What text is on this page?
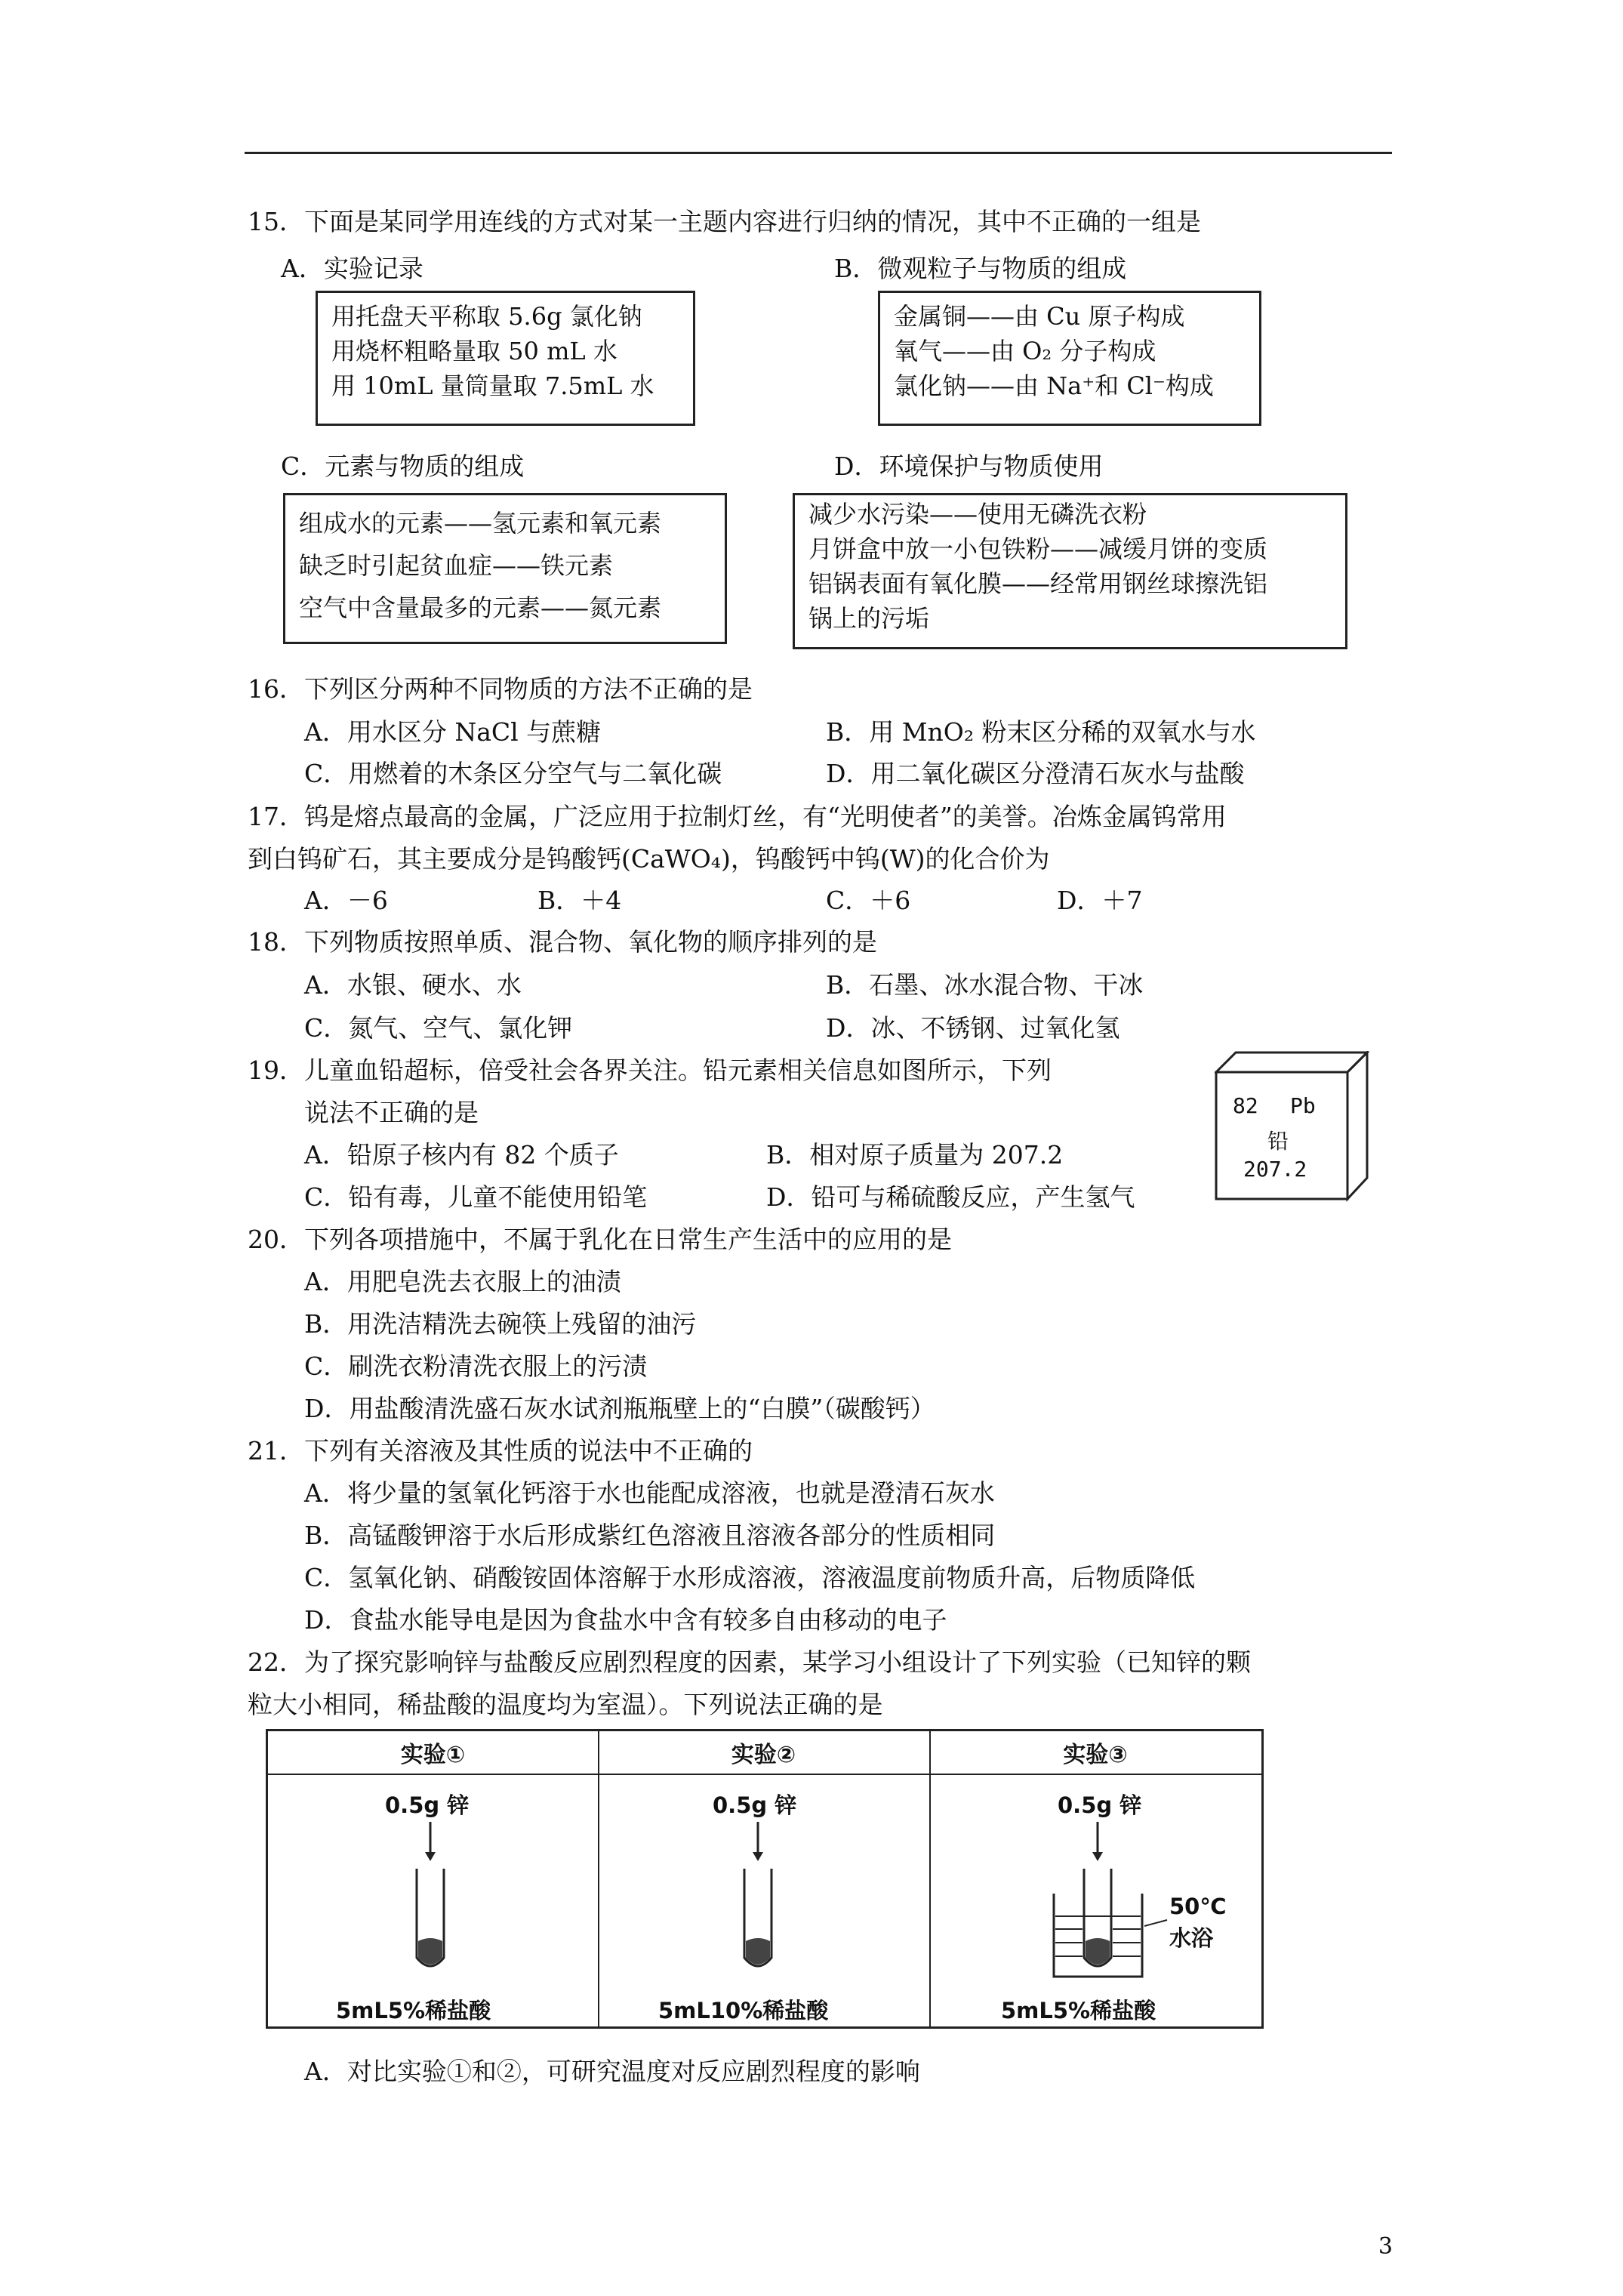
15．下面是某同学用连线的方式对某一主题内容进行归纳的情况，其中不正确的一组是
A．实验记录
用托盘天平称取 5.6g 氯化钠
用烧杯粗略量取 50 mL 水
用 10mL 量筒量取 7.5mL 水
B．微观粒子与物质的组成
金属铜——由 Cu 原子构成
氧气——由 O₂ 分子构成
氯化钠——由 Na⁺和 Cl⁻构成
C．元素与物质的组成
组成水的元素——氢元素和氧元素
缺乏时引起贫血症——铁元素
空气中含量最多的元素——氮元素
D．环境保护与物质使用
减少水污染——使用无磷洗衣粉
月饼盒中放一小包铁粉——减缓月饼的变质
铝锅表面有氧化膜——经常用钢丝球擦洗铝
锅上的污垢
16．下列区分两种不同物质的方法不正确的是
A．用水区分 NaCl 与蔗糖	B．用 MnO₂ 粉末区分稀的双氧水与水
C．用燃着的木条区分空气与二氧化碳	D．用二氧化碳区分澄清石灰水与盐酸
17．钨是熔点最高的金属，广泛应用于拉制灯丝，有“光明使者”的美誉。冶炼金属钨常用
到白钨矿石，其主要成分是钨酸钙(CaWO₄)，钨酸钙中钨(W)的化合价为
A．－6	B．＋4	C．＋6	D．＋7
18．下列物质按照单质、混合物、氧化物的顺序排列的是
A．水银、硬水、水	B．石墨、冰水混合物、干冰
C．氮气、空气、氯化钾	D．冰、不锈钢、过氧化氢
19．儿童血铅超标，倍受社会各界关注。铅元素相关信息如图所示，下列
说法不正确的是
A．铅原子核内有 82 个质子	B．相对原子质量为 207.2
C．铅有毒，儿童不能使用铅笔	D．铅可与稀硫酸反应，产生氢气
82 Pb
铅
207.2
20．下列各项措施中，不属于乳化在日常生产生活中的应用的是
A．用肥皂洗去衣服上的油渍
B．用洗洁精洗去碗筷上残留的油污
C．刷洗衣粉清洗衣服上的污渍
D．用盐酸清洗盛石灰水试剂瓶瓶壁上的“白膜”（碳酸钙）
21．下列有关溶液及其性质的说法中不正确的
A．将少量的氢氧化钙溶于水也能配成溶液，也就是澄清石灰水
B．高锰酸钾溶于水后形成紫红色溶液且溶液各部分的性质相同
C．氢氧化钠、硝酸铵固体溶解于水形成溶液，溶液温度前物质升高，后物质降低
D．食盐水能导电是因为食盐水中含有较多自由移动的电子
22．为了探究影响锌与盐酸反应剧烈程度的因素，某学习小组设计了下列实验（已知锌的颗
粒大小相同，稀盐酸的温度均为室温）。下列说法正确的是
实验①
0.5g 锌
5mL5%稀盐酸
实验②
0.5g 锌
5mL10%稀盐酸
实验③
0.5g 锌
50℃
水浴
5mL5%稀盐酸
A．对比实验①和②，可研究温度对反应剧烈程度的影响
3
